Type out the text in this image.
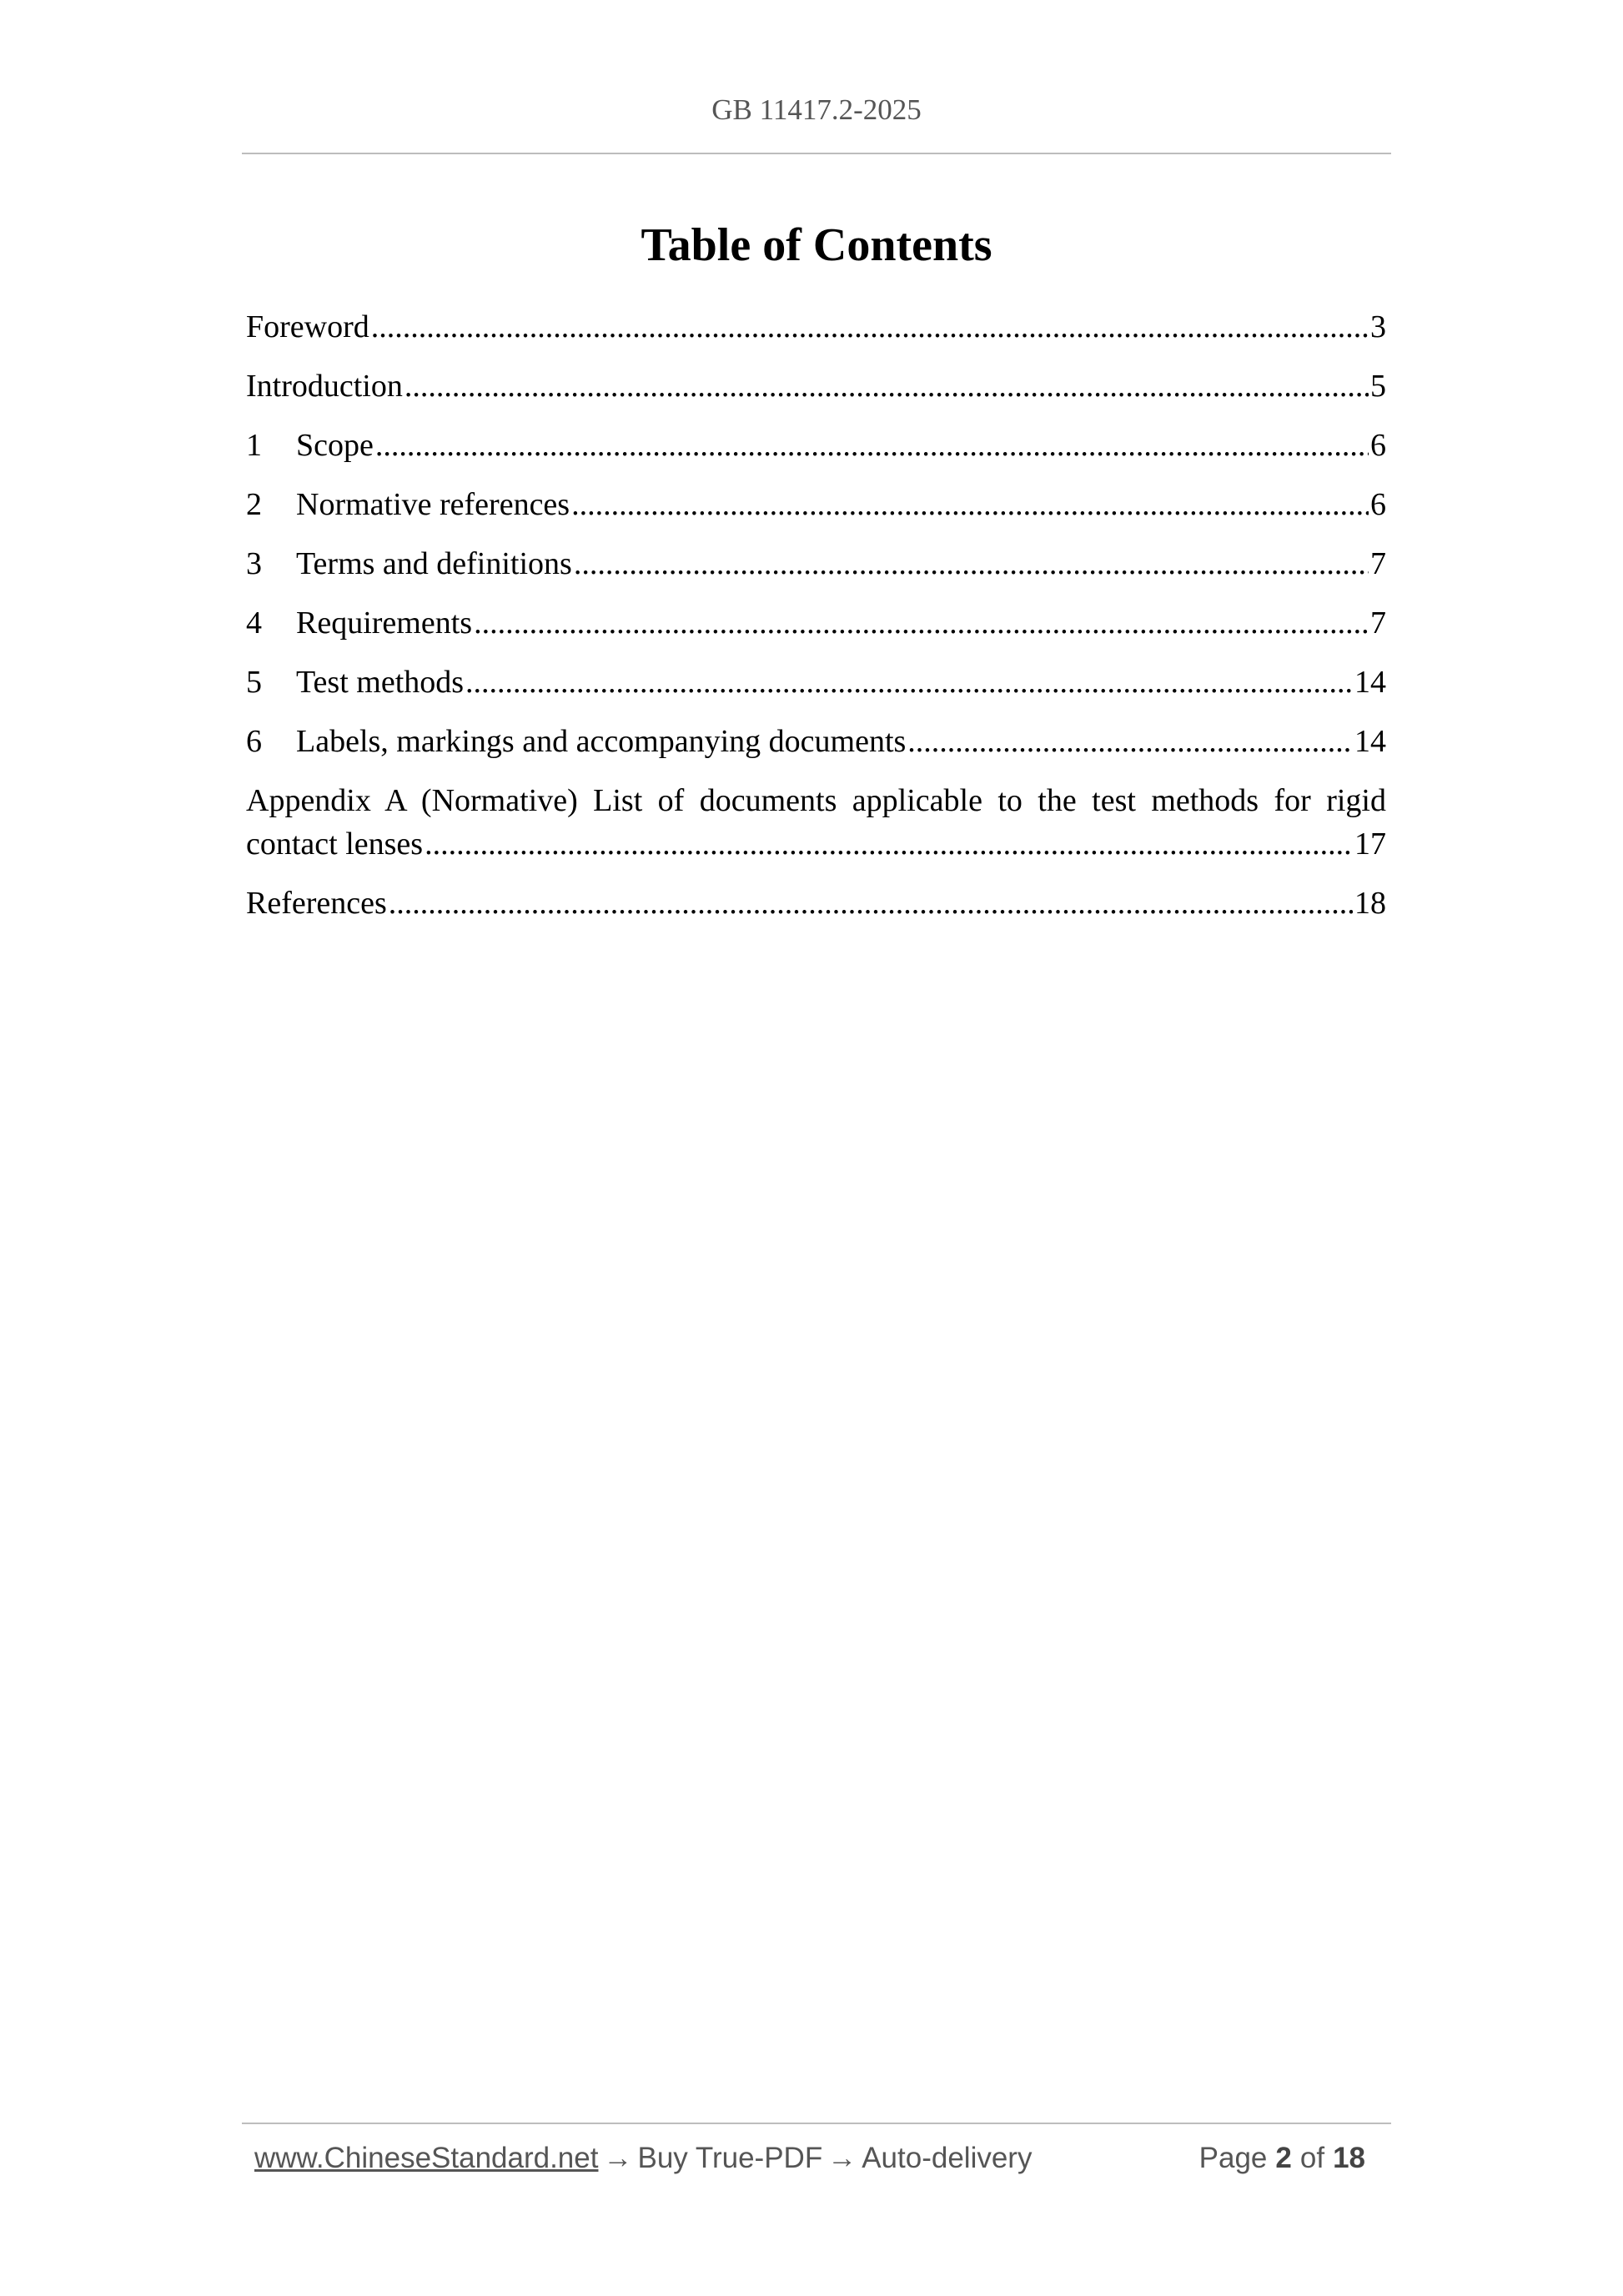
GB 11417.2-2025
Table of Contents
Foreword .....	3
Introduction .....	5
1	Scope .....	6
2	Normative references .....	6
3	Terms and definitions .....	7
4	Requirements .....	7
5	Test methods .....	14
6	Labels, markings and accompanying documents .....	14
Appendix A (Normative) List of documents applicable to the test methods for rigid
contact lenses .....	17
References .....	18
www.ChineseStandard.net → Buy True-PDF → Auto-delivery	Page 2 of 18
